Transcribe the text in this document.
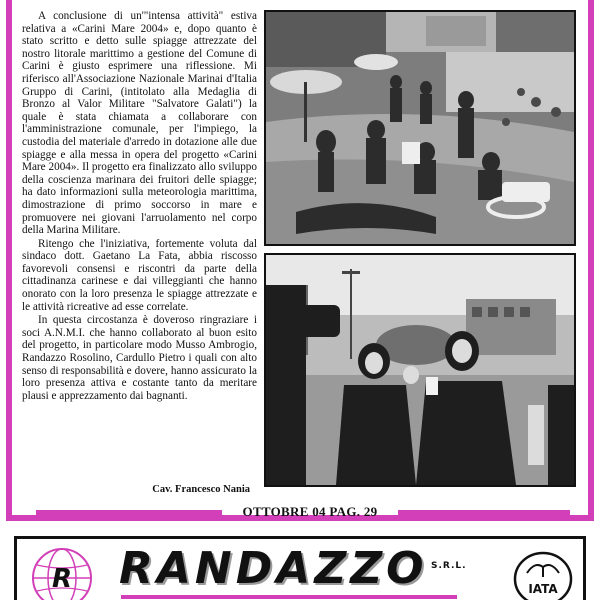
A conclusione di un'"intensa attività" estiva relativa a «Carini Mare 2004» e, dopo quanto è stato scritto e detto sulle spiagge attrezzate del nostro litorale marittimo a gestione del Comune di Carini è giusto esprimere una riflessione. Mi riferisco all'Associazione Nazionale Marinai d'Italia Gruppo di Carini, (intitolato alla Medaglia di Bronzo al Valor Militare "Salvatore Galati") la quale è stata chiamata a collaborare con l'amministrazione comunale, per l'impiego, la custodia del materiale d'arredo in dotazione alle due spiagge e alla messa in opera del progetto «Carini Mare 2004». Il progetto era finalizzato allo sviluppo della coscienza marinara dei fruitori delle spiagge; ha dato informazioni sulla meteorologia marittima, dimostrazione di primo soccorso in mare e promuovere nei giovani l'arruolamento nel corpo della Marina Militare.

Ritengo che l'iniziativa, fortemente voluta dal sindaco dott. Gaetano La Fata, abbia riscosso favorevoli consensi e riscontri da parte della cittadinanza carinese e dai villeggianti che hanno onorato con la loro presenza le spiagge attrezzate e le attività ricreative ad esse correlate.

In questa circostanza è doveroso ringraziare i soci A.N.M.I. che hanno collaborato al buon esito del progetto, in particolare modo Musso Ambrogio, Randazzo Rosolino, Cardullo Pietro i quali con alto senso di responsabilità e dovere, hanno assicurato la loro presenza attiva e costante tanto da meritare plausi e apprezzamento dai bagnanti.

Cav. Francesco Nania
OTTOBRE 04 PAG. 29
R RANDAZZO S.R.L.
IATA
